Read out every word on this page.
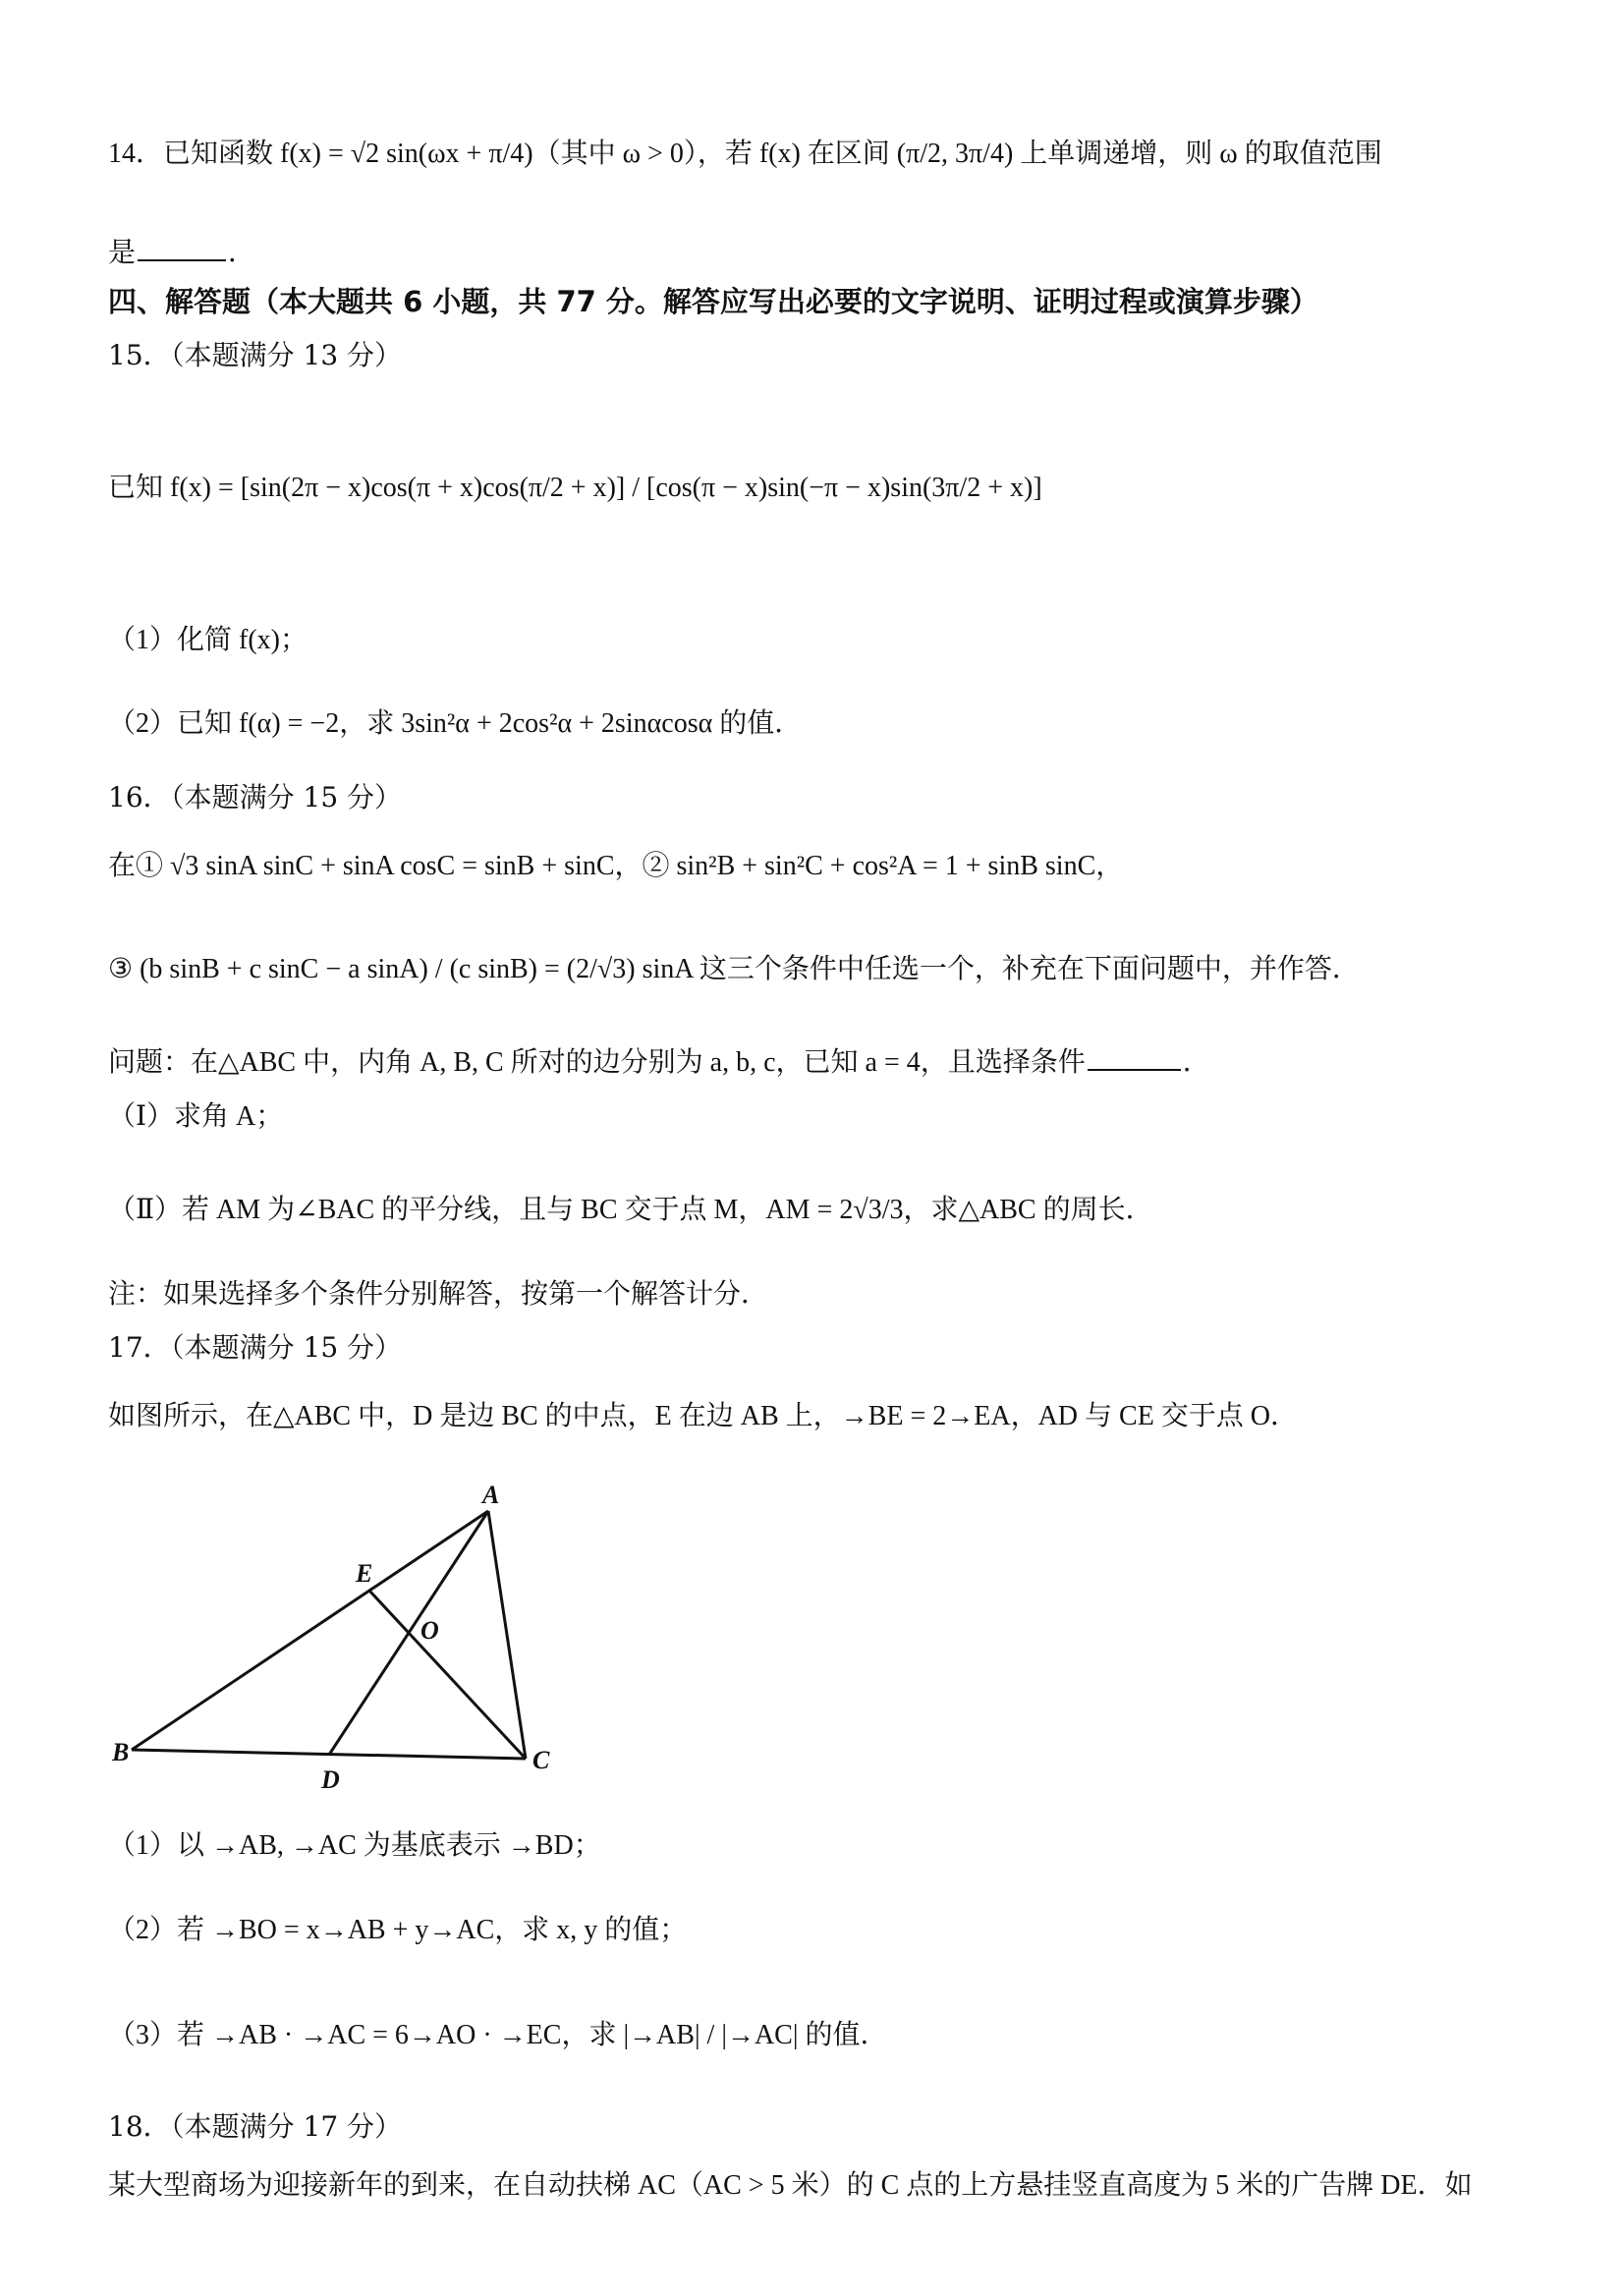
14．已知函数 f(x) = √2 sin(ωx + π/4)（其中 ω > 0），若 f(x) 在区间 (π/2, 3π/4) 上单调递增，则 ω 的取值范围
是	．
四、解答题（本大题共 6 小题，共 77 分。解答应写出必要的文字说明、证明过程或演算步骤）
15．（本题满分 13 分）
已知 f(x) = [sin(2π − x)cos(π + x)cos(π/2 + x)] / [cos(π − x)sin(−π − x)sin(3π/2 + x)]
（1）化简 f(x)；
（2）已知 f(α) = −2，求 3sin²α + 2cos²α + 2sinαcosα 的值．
16．（本题满分 15 分）
在① √3 sinA sinC + sinA cosC = sinB + sinC，② sin²B + sin²C + cos²A = 1 + sinB sinC，
③ (b sinB + c sinC − a sinA) / (c sinB) = (2/√3) sinA 这三个条件中任选一个，补充在下面问题中，并作答．
问题：在△ABC 中，内角 A, B, C 所对的边分别为 a, b, c，已知 a = 4，且选择条件	．
（Ⅰ）求角 A；
（Ⅱ）若 AM 为∠BAC 的平分线，且与 BC 交于点 M，AM = 2√3/3，求△ABC 的周长．
注：如果选择多个条件分别解答，按第一个解答计分．
17．（本题满分 15 分）
如图所示，在△ABC 中，D 是边 BC 的中点，E 在边 AB 上，→BE = 2→EA，AD 与 CE 交于点 O．
A
B	C
D
E
O
（1）以 →AB, →AC 为基底表示 →BD；
（2）若 →BO = x→AB + y→AC，求 x, y 的值；
（3）若 →AB · →AC = 6→AO · →EC，求 |→AB| / |→AC| 的值．
18．（本题满分 17 分）
某大型商场为迎接新年的到来，在自动扶梯 AC（AC > 5 米）的 C 点的上方悬挂竖直高度为 5 米的广告牌 DE．如
